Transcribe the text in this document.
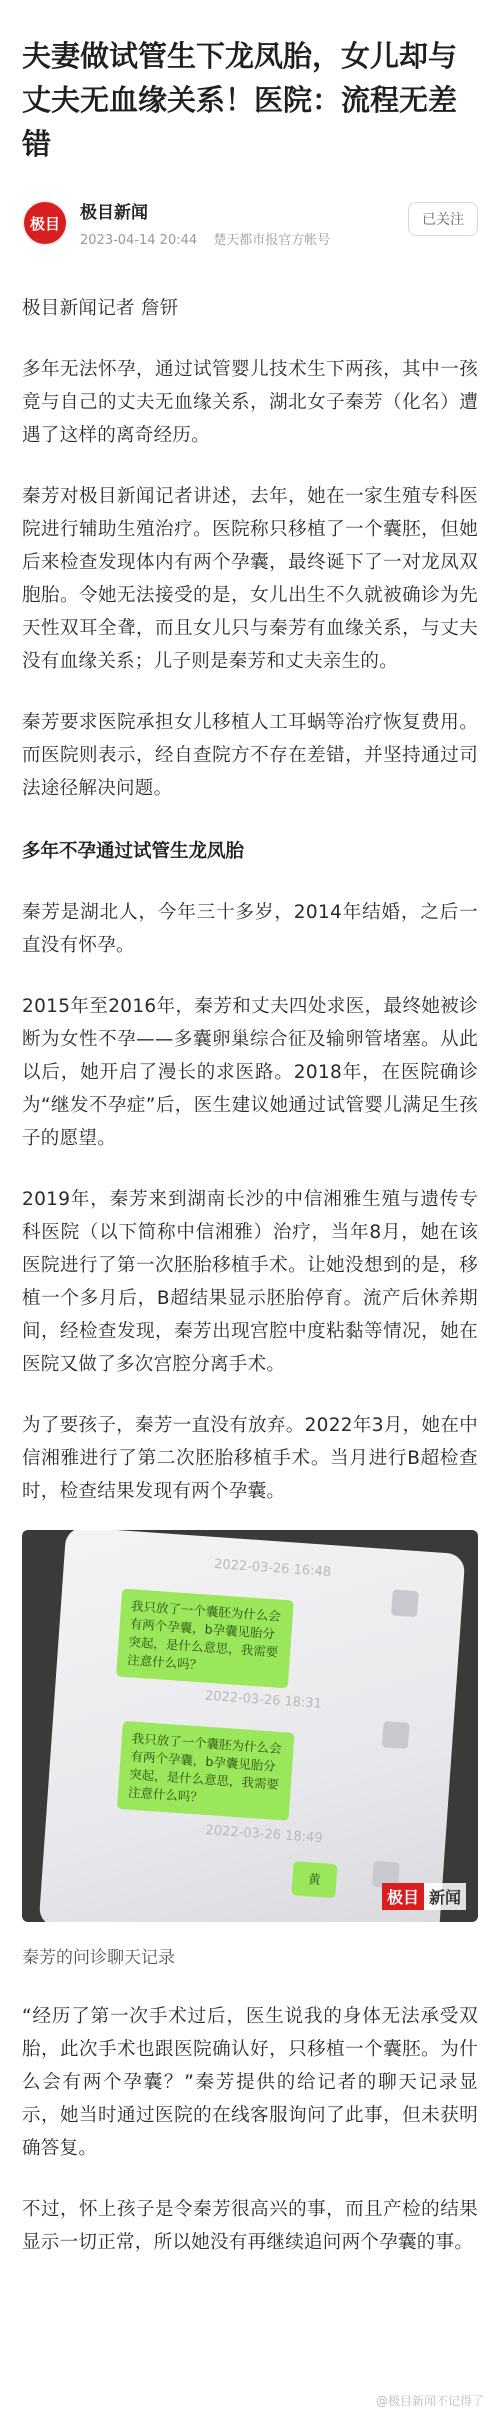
夫妻做试管生下龙凤胎，女儿却与丈夫无血缘关系！医院：流程无差错
极目
极目新闻
2023-04-14 20:44 楚天都市报官方帐号
已关注

极目新闻记者 詹钘

多年无法怀孕，通过试管婴儿技术生下两孩，其中一孩竟与自己的丈夫无血缘关系，湖北女子秦芳（化名）遭遇了这样的离奇经历。

秦芳对极目新闻记者讲述，去年，她在一家生殖专科医院进行辅助生殖治疗。医院称只移植了一个囊胚，但她后来检查发现体内有两个孕囊，最终诞下了一对龙凤双胞胎。令她无法接受的是，女儿出生不久就被确诊为先天性双耳全聋，而且女儿只与秦芳有血缘关系，与丈夫没有血缘关系；儿子则是秦芳和丈夫亲生的。

秦芳要求医院承担女儿移植人工耳蜗等治疗恢复费用。而医院则表示，经自查院方不存在差错，并坚持通过司法途径解决问题。

多年不孕通过试管生龙凤胎

秦芳是湖北人，今年三十多岁，2014年结婚，之后一直没有怀孕。

2015年至2016年，秦芳和丈夫四处求医，最终她被诊断为女性不孕——多囊卵巢综合征及输卵管堵塞。从此以后，她开启了漫长的求医路。2018年，在医院确诊为“继发不孕症”后，医生建议她通过试管婴儿满足生孩子的愿望。

2019年，秦芳来到湖南长沙的中信湘雅生殖与遗传专科医院（以下简称中信湘雅）治疗，当年8月，她在该医院进行了第一次胚胎移植手术。让她没想到的是，移植一个多月后，B超结果显示胚胎停育。流产后休养期间，经检查发现，秦芳出现宫腔中度粘黏等情况，她在医院又做了多次宫腔分离手术。

为了要孩子，秦芳一直没有放弃。2022年3月，她在中信湘雅进行了第二次胚胎移植手术。当月进行B超检查时，检查结果发现有两个孕囊。

2022-03-26 16:48
我只放了一个囊胚为什么会有两个孕囊，b孕囊见胎分突起，是什么意思，我需要注意什么吗？
2022-03-26 18:31
我只放了一个囊胚为什么会有两个孕囊，b孕囊见胎分突起，是什么意思，我需要注意什么吗？
2022-03-26 18:49
黄
极目 新闻
秦芳的问诊聊天记录

“经历了第一次手术过后，医生说我的身体无法承受双胎，此次手术也跟医院确认好，只移植一个囊胚。为什么会有两个孕囊？”秦芳提供的给记者的聊天记录显示，她当时通过医院的在线客服询问了此事，但未获明确答复。

不过，怀上孩子是令秦芳很高兴的事，而且产检的结果显示一切正常，所以她没有再继续追问两个孕囊的事。

@极目新闻不记得了
